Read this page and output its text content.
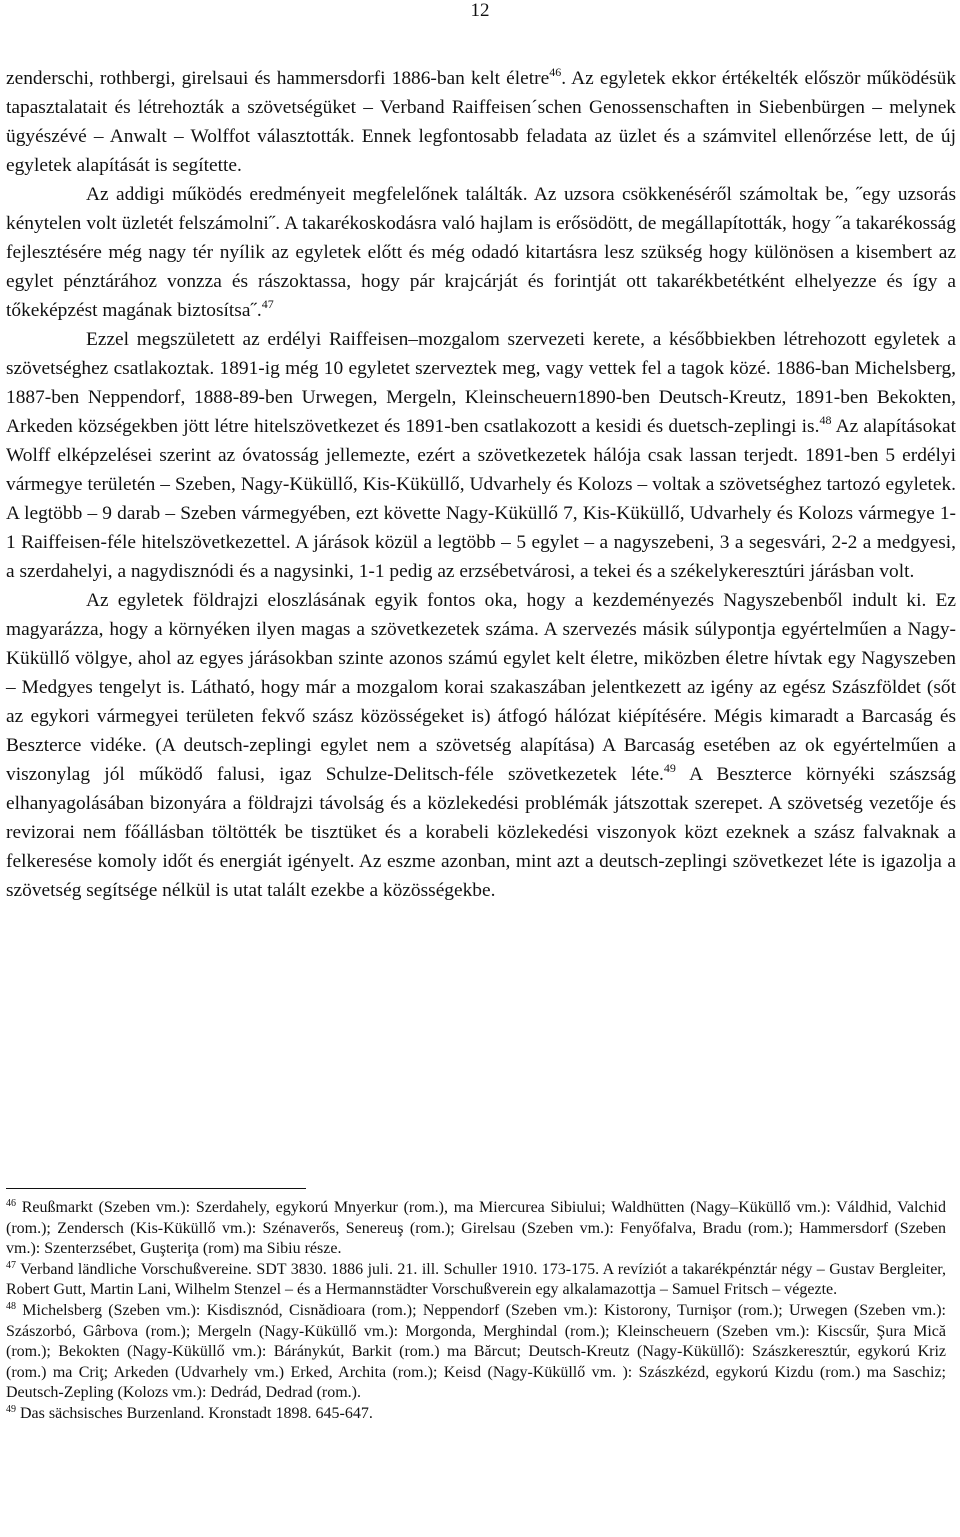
12

zenderschi, rothbergi, girelsaui és hammersdorfi 1886-ban kelt életre$^{46}$. Az egyletek ekkor értékelték először működésük tapasztalatait és létrehozták a szövetségüket – Verband Raiffeisen´schen Genossenschaften in Siebenbürgen – melynek ügyészévé – Anwalt – Wolffot választották. Ennek legfontosabb feladata az üzlet és a számvitel ellenőrzése lett, de új egyletek alapítását is segítette.

Az addigi működés eredményeit megfelelőnek találták. Az uzsora csökkenéséről számoltak be, ˝egy uzsorás kénytelen volt üzletét felszámolni˝. A takarékoskodásra való hajlam is erősödött, de megállapították, hogy ˝a takarékosság fejlesztésére még nagy tér nyílik az egyletek előtt és még odadó kitartásra lesz szükség hogy különösen a kisembert az egylet pénztárához vonzza és rászoktassa, hogy pár krajcárját és forintját ott takarékbetétként elhelyezze és így a tőkeképzést magának biztosítsa˝.$^{47}$

Ezzel megszületett az erdélyi Raiffeisen–mozgalom szervezeti kerete, a későbbiekben létrehozott egyletek a szövetséghez csatlakoztak. 1891-ig még 10 egyletet szerveztek meg, vagy vettek fel a tagok közé. 1886-ban Michelsberg, 1887-ben Neppendorf, 1888-89-ben Urwegen, Mergeln, Kleinscheuern1890-ben Deutsch-Kreutz, 1891-ben Bekokten, Arkeden községekben jött létre hitelszövetkezet és 1891-ben csatlakozott a kesidi és duetsch-zeplingi is.$^{48}$ Az alapításokat Wolff elképzelései szerint az óvatosság jellemezte, ezért a szövetkezetek hálója csak lassan terjedt. 1891-ben 5 erdélyi vármegye területén – Szeben, Nagy-Küküllő, Kis-Küküllő, Udvarhely és Kolozs – voltak a szövetséghez tartozó egyletek. A legtöbb – 9 darab – Szeben vármegyében, ezt követte Nagy-Küküllő 7, Kis-Küküllő, Udvarhely és Kolozs vármegye 1-1 Raiffeisen-féle hitelszövetkezettel. A járások közül a legtöbb – 5 egylet – a nagyszebeni, 3 a segesvári, 2-2 a medgyesi, a szerdahelyi, a nagydisznódi és a nagysinki, 1-1 pedig az erzsébetvárosi, a tekei és a székelykeresztúri járásban volt.

Az egyletek földrajzi eloszlásának egyik fontos oka, hogy a kezdeményezés Nagyszebenből indult ki. Ez magyarázza, hogy a környéken ilyen magas a szövetkezetek száma. A szervezés másik súlypontja egyértelműen a Nagy-Küküllő völgye, ahol az egyes járásokban szinte azonos számú egylet kelt életre, miközben életre hívtak egy Nagyszeben – Medgyes tengelyt is. Látható, hogy már a mozgalom korai szakaszában jelentkezett az igény az egész Szászföldet (sőt az egykori vármegyei területen fekvő szász közösségeket is) átfogó hálózat kiépítésére. Mégis kimaradt a Barcaság és Beszterce vidéke. (A deutsch-zeplingi egylet nem a szövetség alapítása) A Barcaság esetében az ok egyértelműen a viszonylag jól működő falusi, igaz Schulze-Delitsch-féle szövetkezetek léte.$^{49}$ A Beszterce környéki szászság elhanyagolásában bizonyára a földrajzi távolság és a közlekedési problémák játszottak szerepet. A szövetség vezetője és revizorai nem főállásban töltötték be tisztüket és a korabeli közlekedési viszonyok közt ezeknek a szász falvaknak a felkeresése komoly időt és energiát igényelt. Az eszme azonban, mint azt a deutsch-zeplingi szövetkezet léte is igazolja a szövetség segítsége nélkül is utat talált ezekbe a közösségekbe.

$^{46}$ Reußmarkt (Szeben vm.): Szerdahely, egykorú Mnyerkur (rom.), ma Miercurea Sibiului; Waldhütten (Nagy–Küküllő vm.): Váldhid, Valchid (rom.); Zendersch (Kis-Küküllő vm.): Szénaverős, Senereuş (rom.); Girelsau (Szeben vm.): Fenyőfalva, Bradu (rom.); Hammersdorf (Szeben vm.): Szenterzsébet, Guşteriţa (rom) ma Sibiu része.

$^{47}$ Verband ländliche Vorschußvereine. SDT 3830. 1886 juli. 21. ill. Schuller 1910. 173-175. A revíziót a takarékpénztár négy – Gustav Bergleiter, Robert Gutt, Martin Lani, Wilhelm Stenzel – és a Hermannstädter Vorschußverein egy alkalamazottja – Samuel Fritsch – végezte.

$^{48}$ Michelsberg (Szeben vm.): Kisdisznód, Cisnădioara (rom.); Neppendorf (Szeben vm.): Kistorony, Turnişor (rom.); Urwegen (Szeben vm.): Szászorbó, Gârbova (rom.); Mergeln (Nagy-Küküllő vm.): Morgonda, Merghindal (rom.); Kleinscheuern (Szeben vm.): Kiscsűr, Şura Mică (rom.); Bekokten (Nagy-Küküllő vm.): Báránykút, Barkit (rom.) ma Bărcut; Deutsch-Kreutz (Nagy-Küküllő): Szászkeresztúr, egykorú Kriz (rom.) ma Criţ; Arkeden (Udvarhely vm.) Erked, Archita (rom.); Keisd (Nagy-Küküllő vm. ): Szászkézd, egykorú Kizdu (rom.) ma Saschiz; Deutsch-Zepling (Kolozs vm.): Dedrád, Dedrad (rom.).

$^{49}$ Das sächsisches Burzenland. Kronstadt 1898. 645-647.
